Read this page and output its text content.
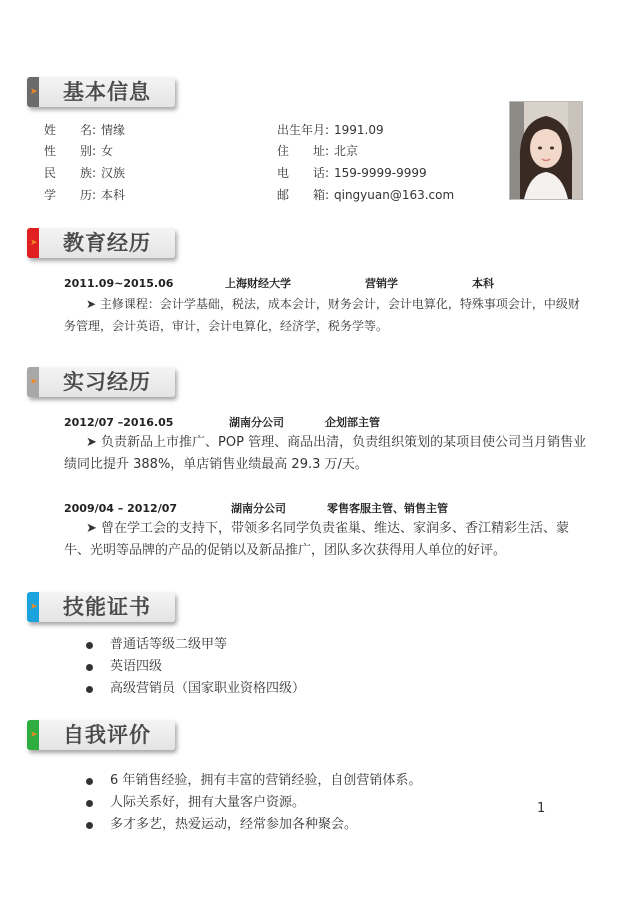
➤ 基本信息
姓　　名: 情缘
性　　别: 女
民　　族: 汉族
学　　历: 本科
出生年月: 1991.09
住　　址: 北京
电　　话: 159-9999-9999
邮　　箱: qingyuan@163.com
➤ 教育经历
2011.09~2015.06	上海财经大学	营销学	本科
➤ 主修课程：会计学基础，税法，成本会计，财务会计，会计电算化，特殊事项会计，中级财务管理，会计英语，审计，会计电算化，经济学，税务学等。
➤ 实习经历
2012/07 –2016.05	湖南分公司	企划部主管
➤ 负责新品上市推广、POP 管理、商品出清，负责组织策划的某项目使公司当月销售业绩同比提升 388%，单店销售业绩最高 29.3 万/天。
2009/04 – 2012/07	湖南分公司	零售客服主管、销售主管
➤ 曾在学工会的支持下，带领多名同学负责雀巢、维达、家润多、香江精彩生活、蒙牛、光明等品牌的产品的促销以及新品推广，团队多次获得用人单位的好评。
➤ 技能证书
普通话等级二级甲等
英语四级
高级营销员（国家职业资格四级）
➤ 自我评价
6 年销售经验，拥有丰富的营销经验，自创营销体系。
人际关系好，拥有大量客户资源。
多才多艺，热爱运动，经常参加各种聚会。
1
